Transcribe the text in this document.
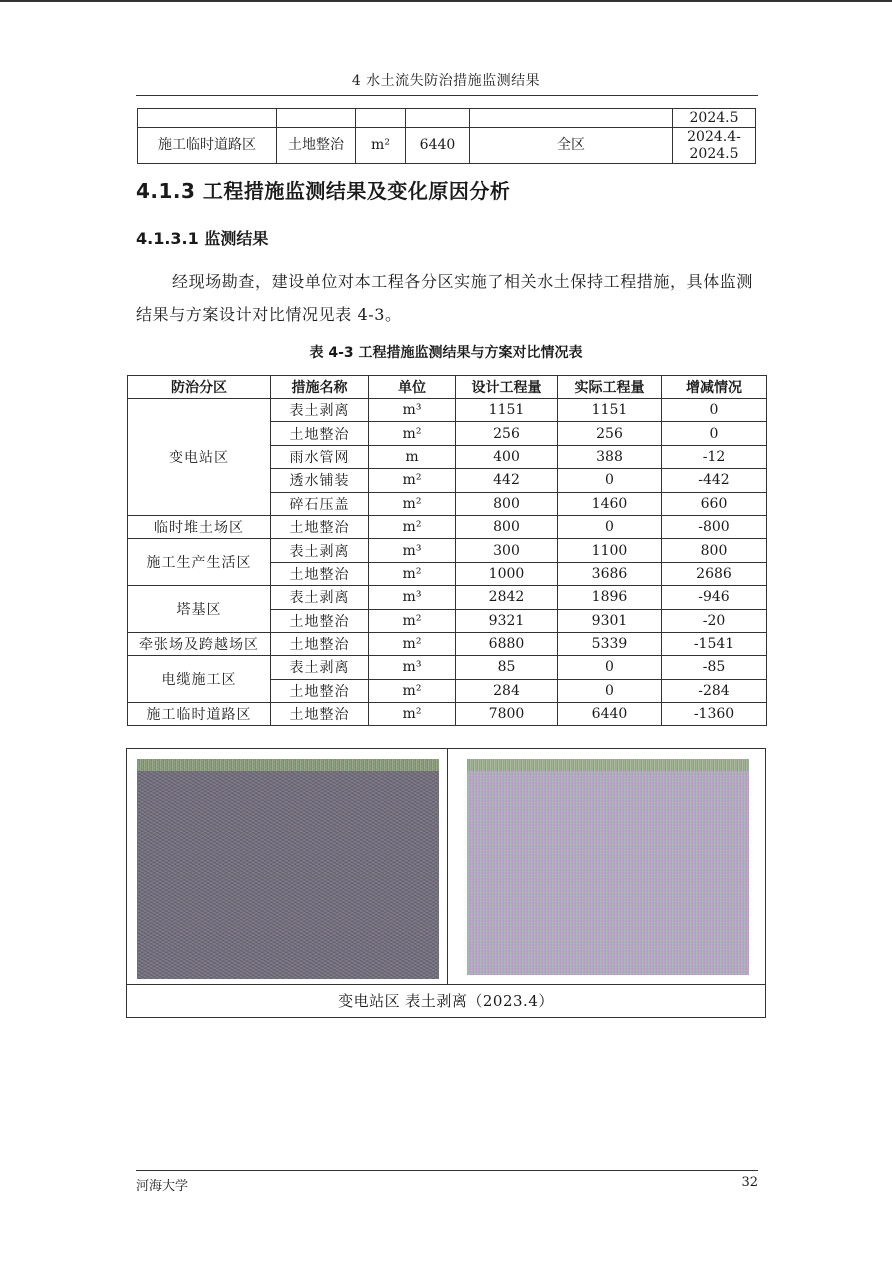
4 水土流失防治措施监测结果
					2024.5
施工临时道路区	土地整治	m²	6440	全区	2024.4-2024.5
4.1.3 工程措施监测结果及变化原因分析
4.1.3.1 监测结果
经现场勘查，建设单位对本工程各分区实施了相关水土保持工程措施，具体监测结果与方案设计对比情况见表 4-3。
表 4-3 工程措施监测结果与方案对比情况表
防治分区	措施名称	单位	设计工程量	实际工程量	增减情况
变电站区	表土剥离	m³	1151	1151	0
	土地整治	m²	256	256	0
	雨水管网	m	400	388	-12
	透水铺装	m²	442	0	-442
	碎石压盖	m²	800	1460	660
临时堆土场区	土地整治	m²	800	0	-800
施工生产生活区	表土剥离	m³	300	1100	800
	土地整治	m²	1000	3686	2686
塔基区	表土剥离	m³	2842	1896	-946
	土地整治	m²	9321	9301	-20
牵张场及跨越场区	土地整治	m²	6880	5339	-1541
电缆施工区	表土剥离	m³	85	0	-85
	土地整治	m²	284	0	-284
施工临时道路区	土地整治	m²	7800	6440	-1360
变电站区 表土剥离（2023.4）
河海大学	32
